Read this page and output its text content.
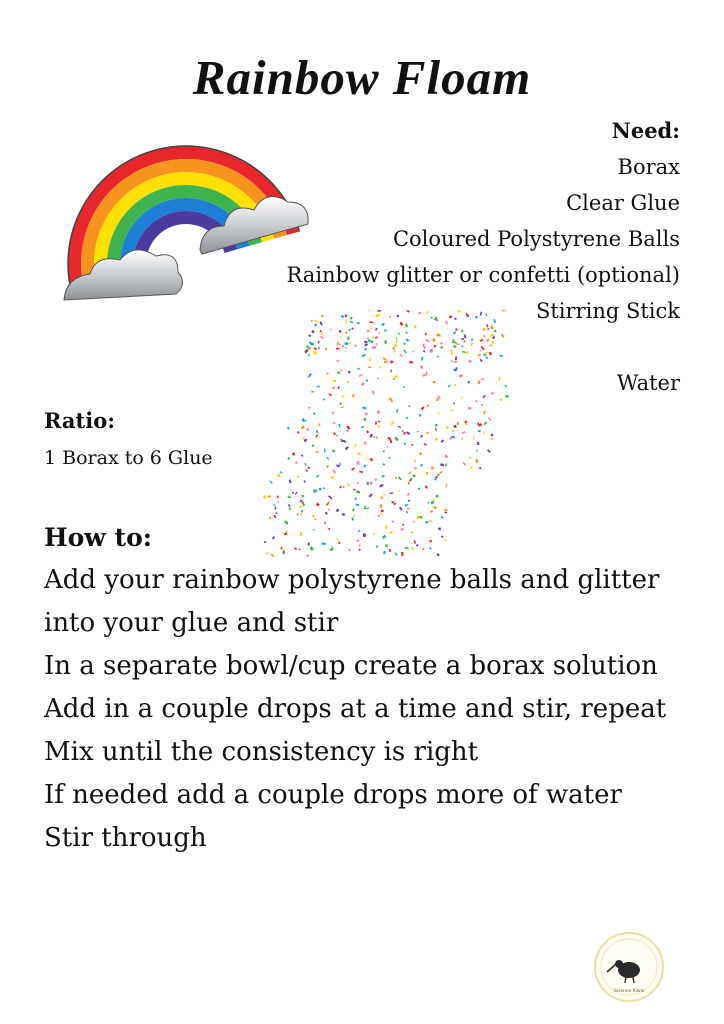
Rainbow Floam
Need:
Borax
Clear Glue
Coloured Polystyrene Balls
Rainbow glitter or confetti (optional)
Stirring Stick
Water
Ratio:

1 Borax to 6 Glue

How to:
Add your rainbow polystyrene balls and glitter into your glue and stir
In a separate bowl/cup create a borax solution
Add in a couple drops at a time and stir, repeat
Mix until the consistency is right
If needed add a couple drops more of water
Stir through
Science Kiwis
